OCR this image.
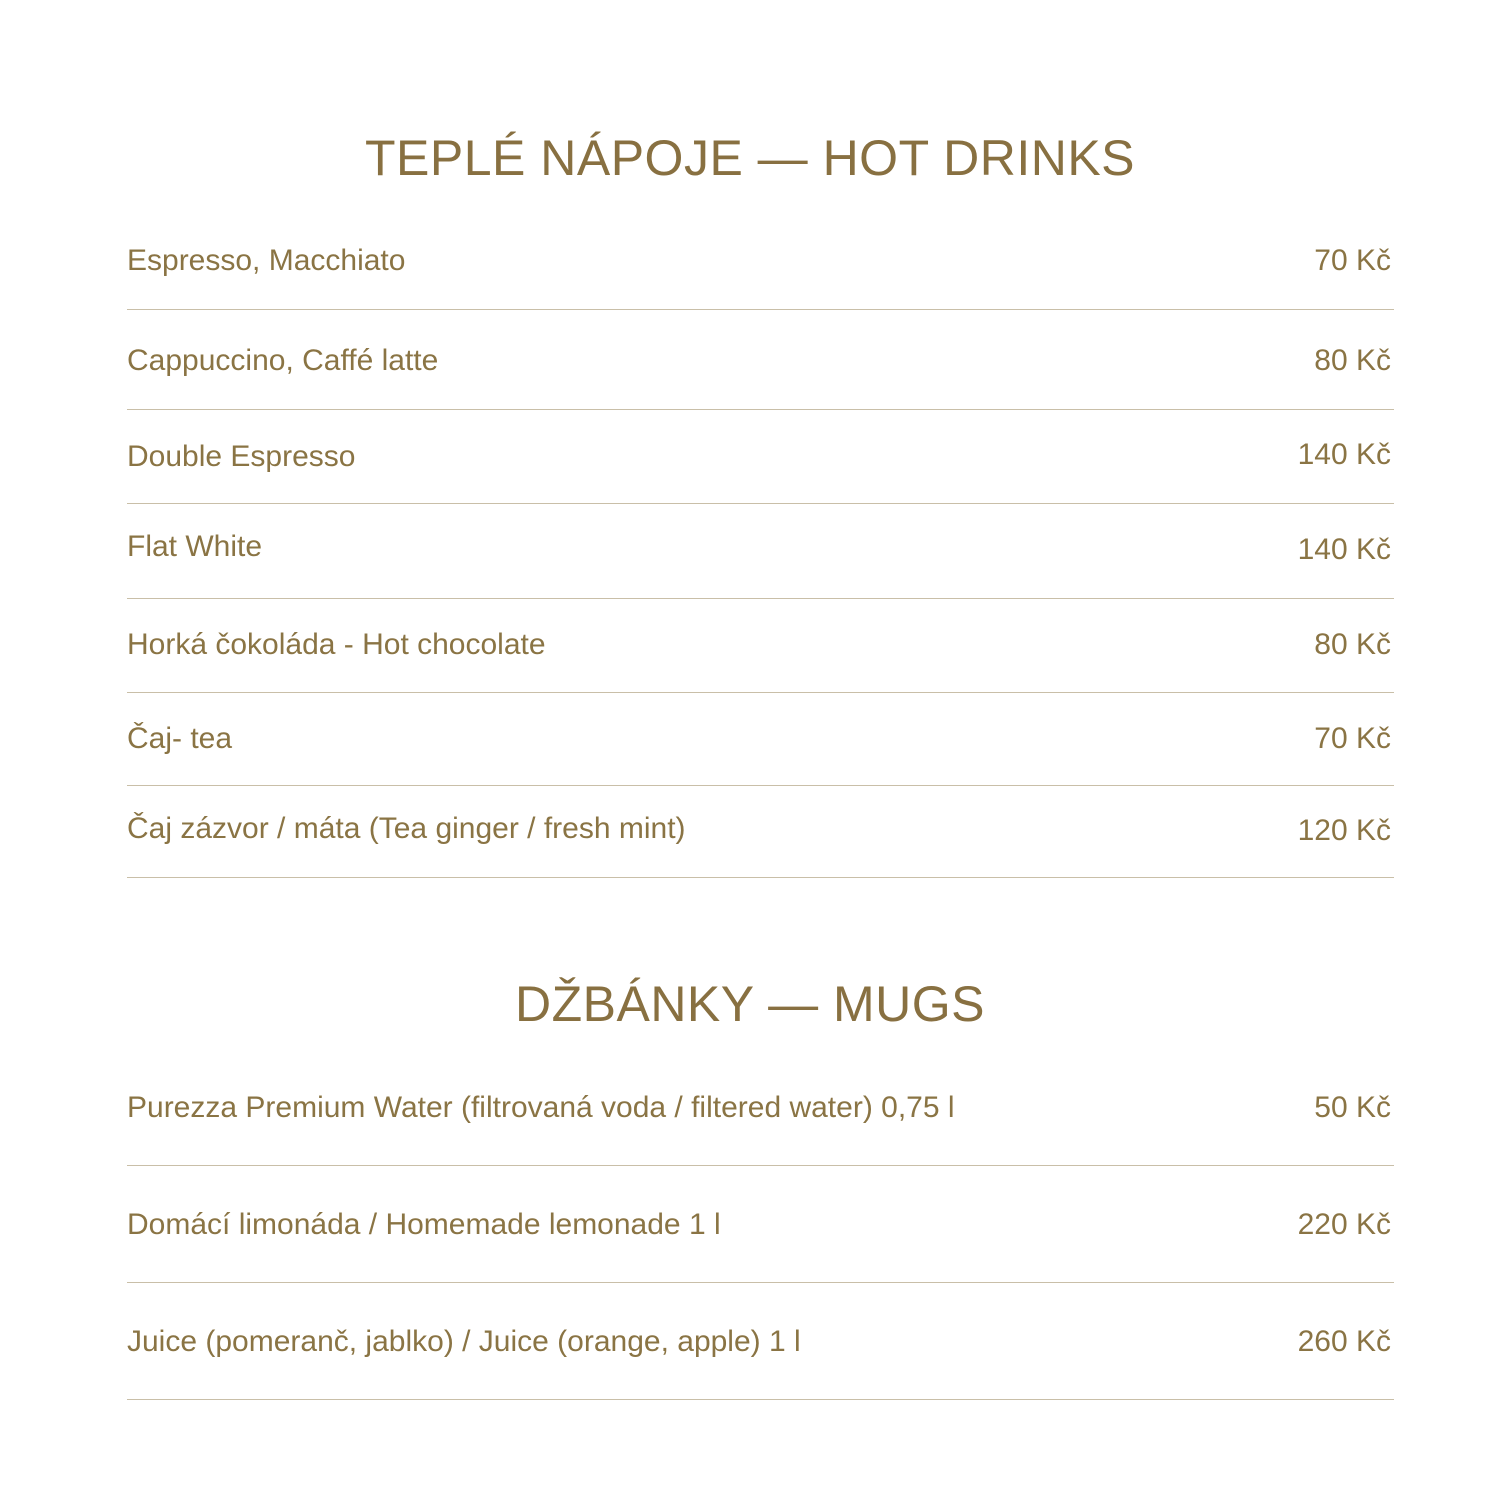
TEPLÉ NÁPOJE — HOT DRINKS
Espresso, Macchiato	70 Kč
Cappuccino, Caffé latte	80 Kč
Double Espresso	140 Kč
Flat White	140 Kč
Horká čokoláda - Hot chocolate	80 Kč
Čaj- tea	70 Kč
Čaj zázvor / máta (Tea ginger / fresh mint)	120 Kč
DŽBÁNKY — MUGS
Purezza Premium Water (filtrovaná voda / filtered water) 0,75 l	50 Kč
Domácí limonáda / Homemade lemonade 1 l	220 Kč
Juice (pomeranč, jablko) / Juice (orange, apple) 1 l	260 Kč
